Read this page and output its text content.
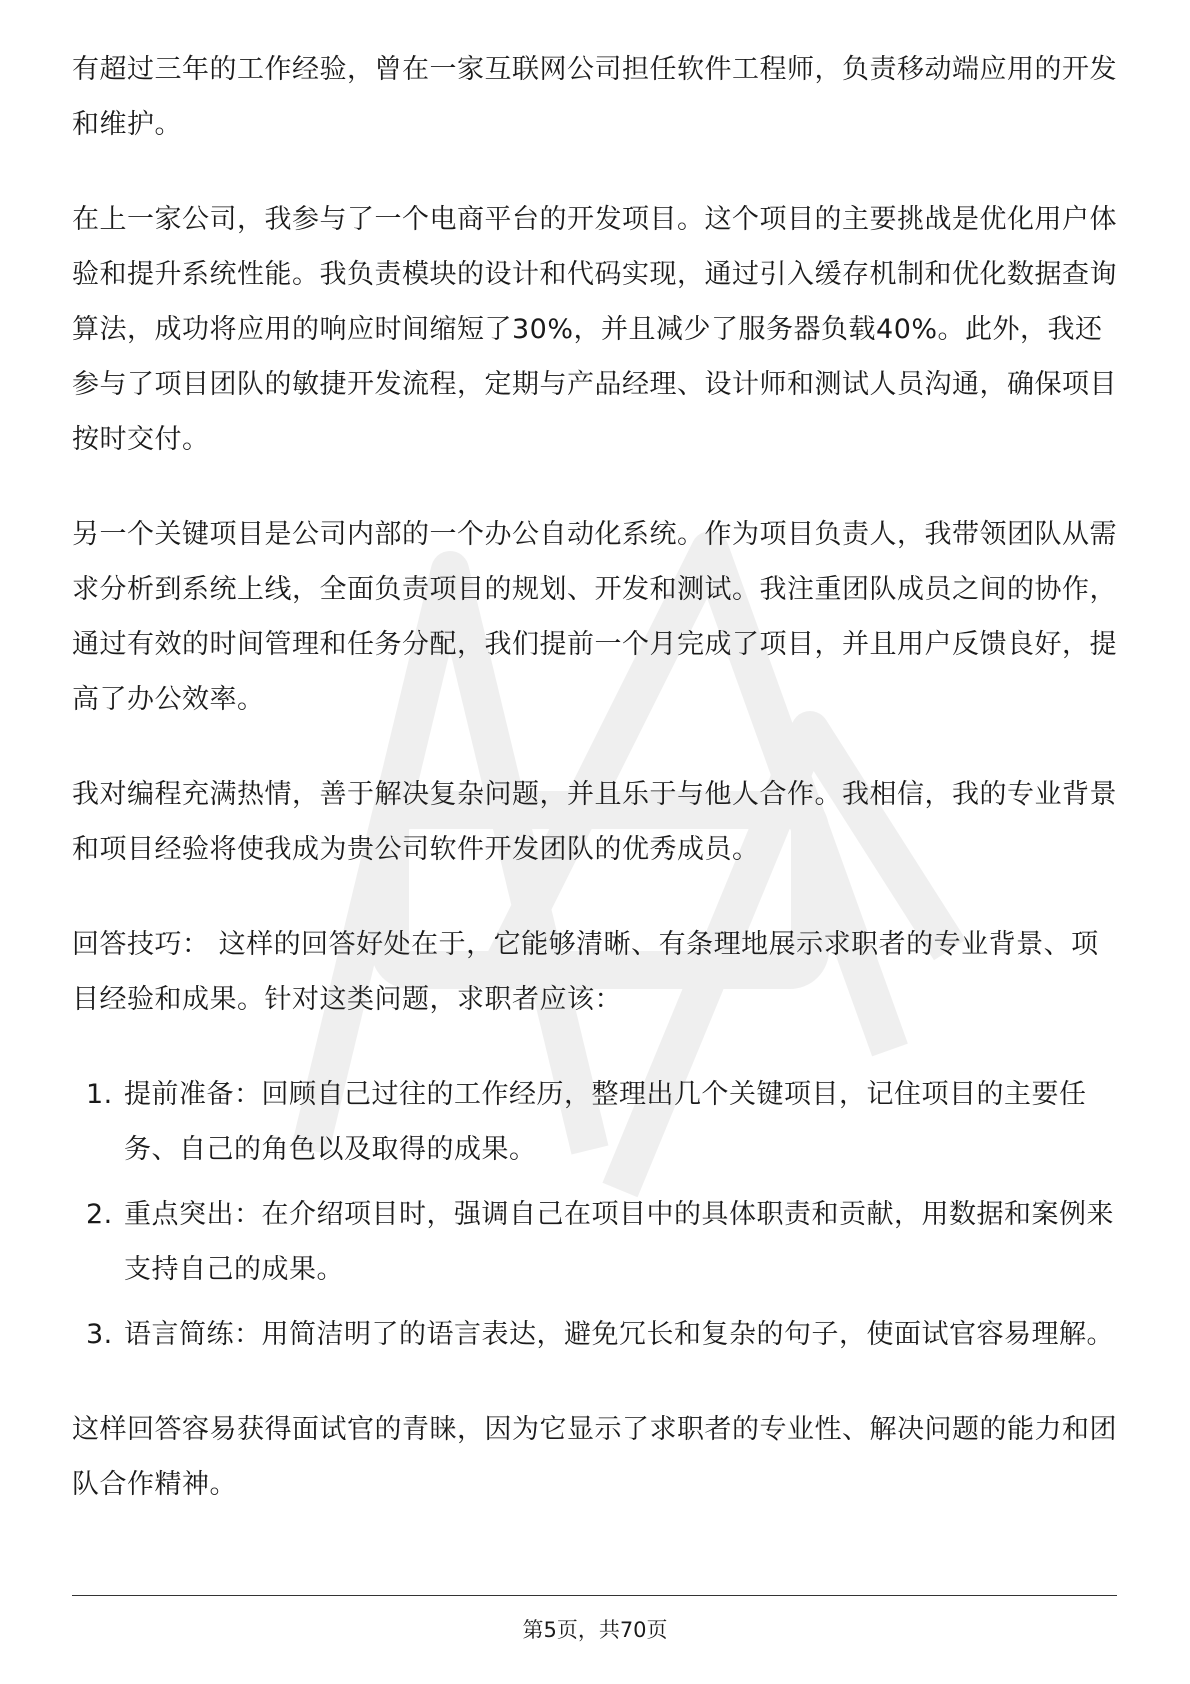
有超过三年的工作经验，曾在一家互联网公司担任软件工程师，负责移动端应用的开发和维护。

在上一家公司，我参与了一个电商平台的开发项目。这个项目的主要挑战是优化用户体验和提升系统性能。我负责模块的设计和代码实现，通过引入缓存机制和优化数据查询算法，成功将应用的响应时间缩短了30%，并且减少了服务器负载40%。此外，我还参与了项目团队的敏捷开发流程，定期与产品经理、设计师和测试人员沟通，确保项目按时交付。

另一个关键项目是公司内部的一个办公自动化系统。作为项目负责人，我带领团队从需求分析到系统上线，全面负责项目的规划、开发和测试。我注重团队成员之间的协作，通过有效的时间管理和任务分配，我们提前一个月完成了项目，并且用户反馈良好，提高了办公效率。

我对编程充满热情，善于解决复杂问题，并且乐于与他人合作。我相信，我的专业背景和项目经验将使我成为贵公司软件开发团队的优秀成员。

回答技巧： 这样的回答好处在于，它能够清晰、有条理地展示求职者的专业背景、项目经验和成果。针对这类问题，求职者应该：

1. 提前准备：回顾自己过往的工作经历，整理出几个关键项目，记住项目的主要任务、自己的角色以及取得的成果。
2. 重点突出：在介绍项目时，强调自己在项目中的具体职责和贡献，用数据和案例来支持自己的成果。
3. 语言简练：用简洁明了的语言表达，避免冗长和复杂的句子，使面试官容易理解。

这样回答容易获得面试官的青睐，因为它显示了求职者的专业性、解决问题的能力和团队合作精神。

第5页，共70页
